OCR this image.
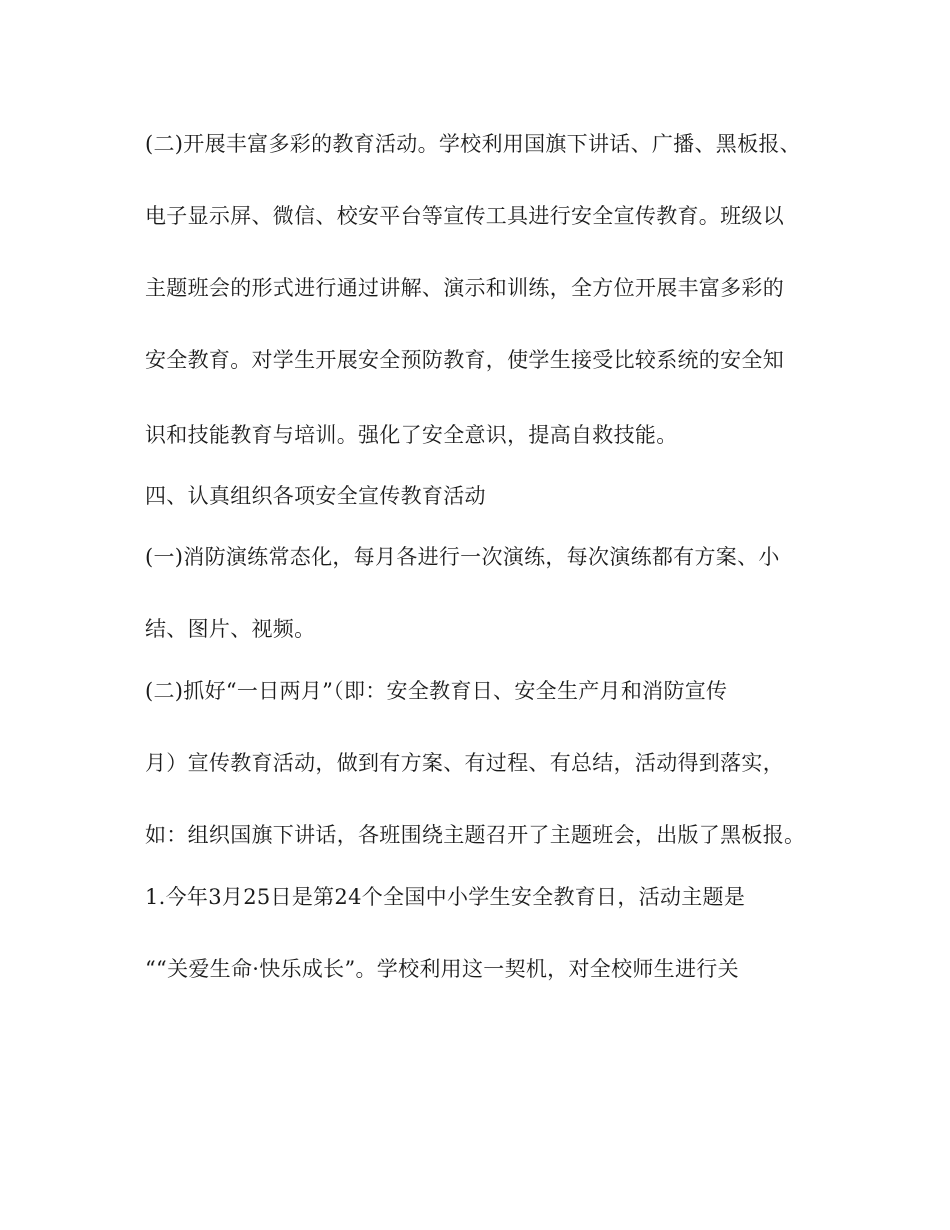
(二)开展丰富多彩的教育活动。学校利用国旗下讲话、广播、黑板报、
电子显示屏、微信、校安平台等宣传工具进行安全宣传教育。班级以
主题班会的形式进行通过讲解、演示和训练，全方位开展丰富多彩的
安全教育。对学生开展安全预防教育，使学生接受比较系统的安全知
识和技能教育与培训。强化了安全意识，提高自救技能。
四、认真组织各项安全宣传教育活动
(一)消防演练常态化，每月各进行一次演练，每次演练都有方案、小
结、图片、视频。
(二)抓好“一日两月”（即：安全教育日、安全生产月和消防宣传
月）宣传教育活动，做到有方案、有过程、有总结，活动得到落实，
如：组织国旗下讲话，各班围绕主题召开了主题班会，出版了黑板报。
1.今年3月25日是第24个全国中小学生安全教育日，活动主题是
““关爱生命·快乐成长”。学校利用这一契机，对全校师生进行关
